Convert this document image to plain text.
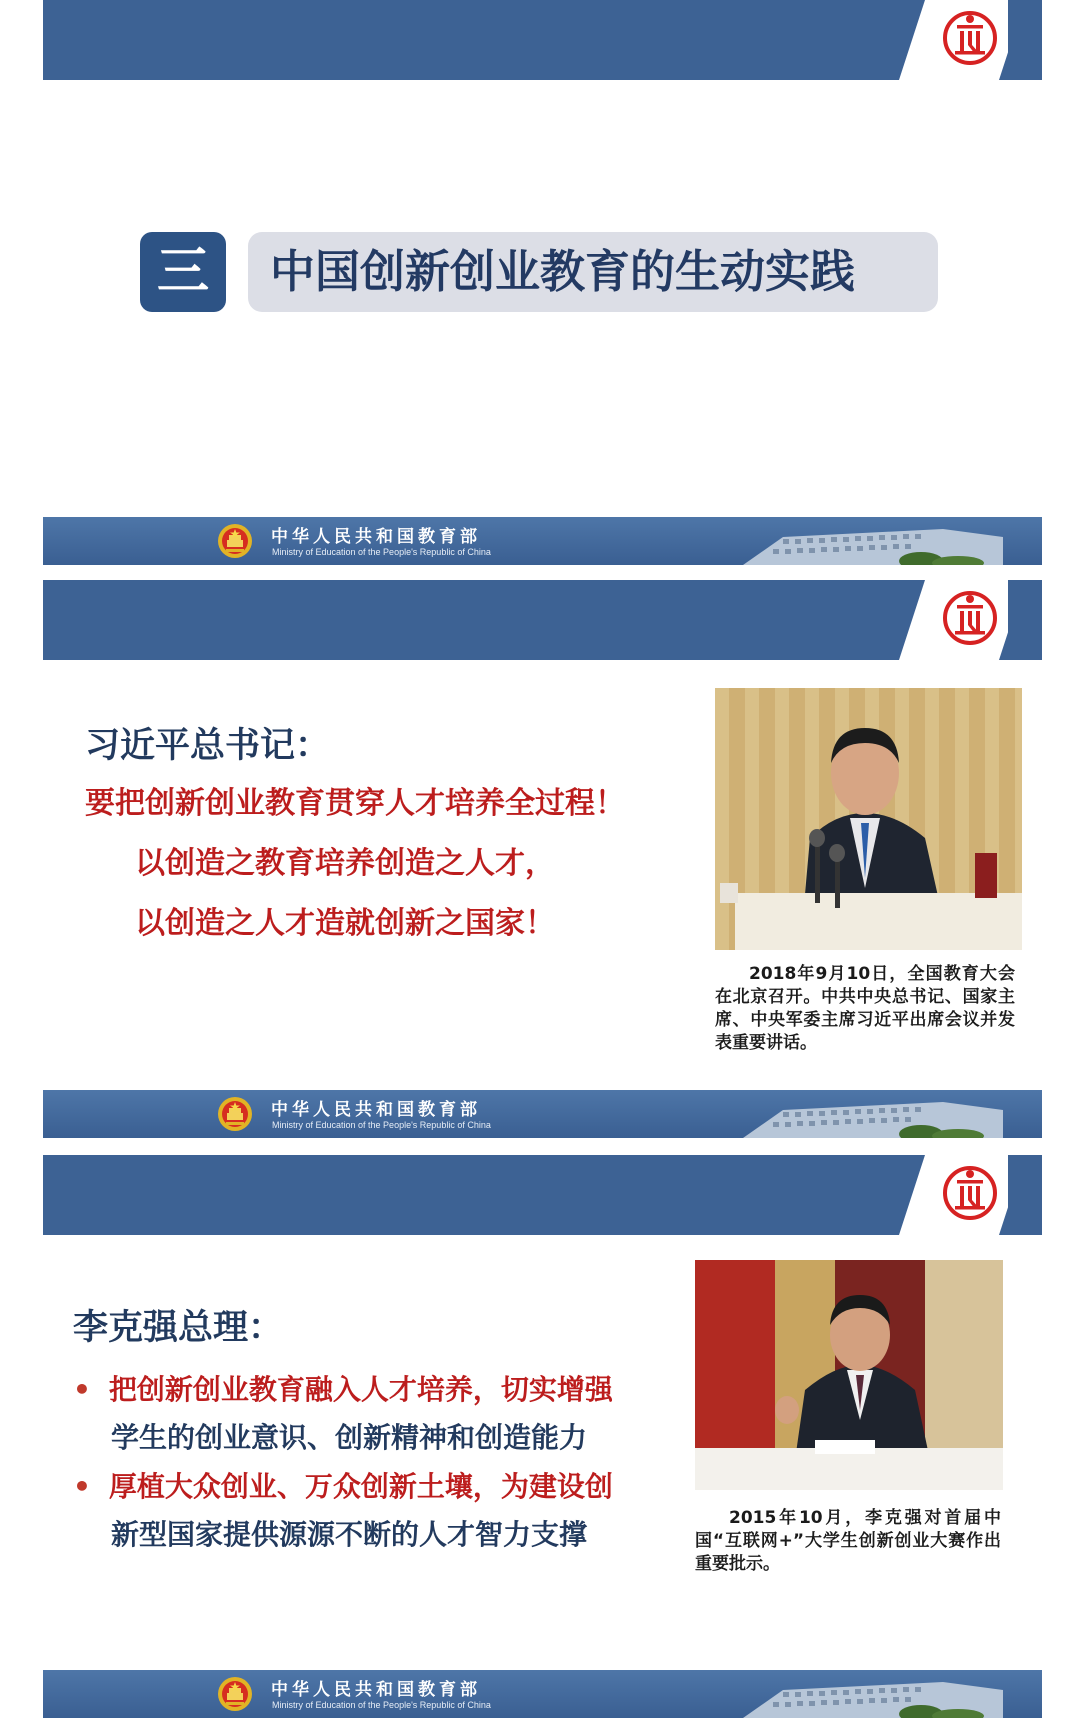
三	中国创新创业教育的生动实践
中华人民共和国教育部
Ministry of Education of the People's Republic of China
习近平总书记：
要把创新创业教育贯穿人才培养全过程！
以创造之教育培养创造之人才，
以创造之人才造就创新之国家！
2018年9月10日，全国教育大会在北京召开。中共中央总书记、国家主席、中央军委主席习近平出席会议并发表重要讲话。
中华人民共和国教育部
Ministry of Education of the People's Republic of China
李克强总理：
• 把创新创业教育融入人才培养，切实增强
学生的创业意识、创新精神和创造能力
• 厚植大众创业、万众创新土壤，为建设创
新型国家提供源源不断的人才智力支撑	2015年10月，李克强对首届中国“互联网+”大学生创新创业大赛作出重要批示。
中华人民共和国教育部
Ministry of Education of the People's Republic of China
